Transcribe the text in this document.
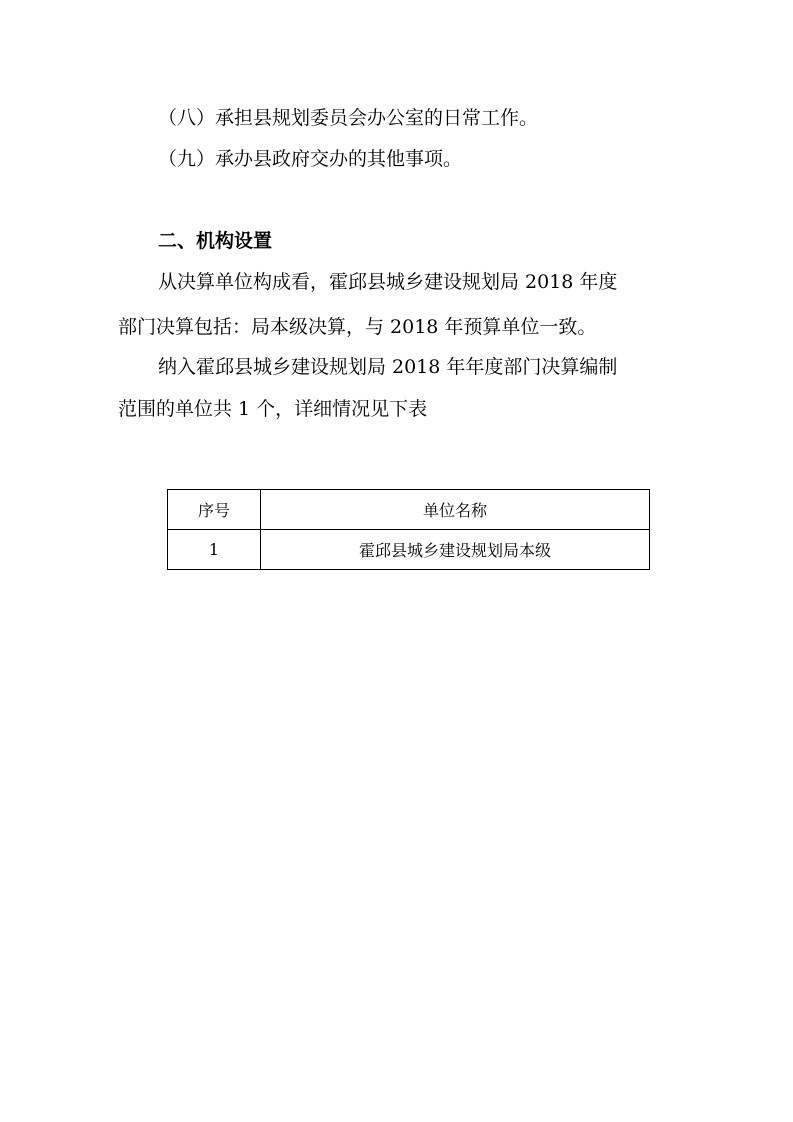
（八）承担县规划委员会办公室的日常工作。
（九）承办县政府交办的其他事项。
二、机构设置
从决算单位构成看，霍邱县城乡建设规划局 2018 年度
部门决算包括：局本级决算，与 2018 年预算单位一致。
纳入霍邱县城乡建设规划局 2018 年年度部门决算编制
范围的单位共 1 个，详细情况见下表
序号	单位名称
1	霍邱县城乡建设规划局本级
